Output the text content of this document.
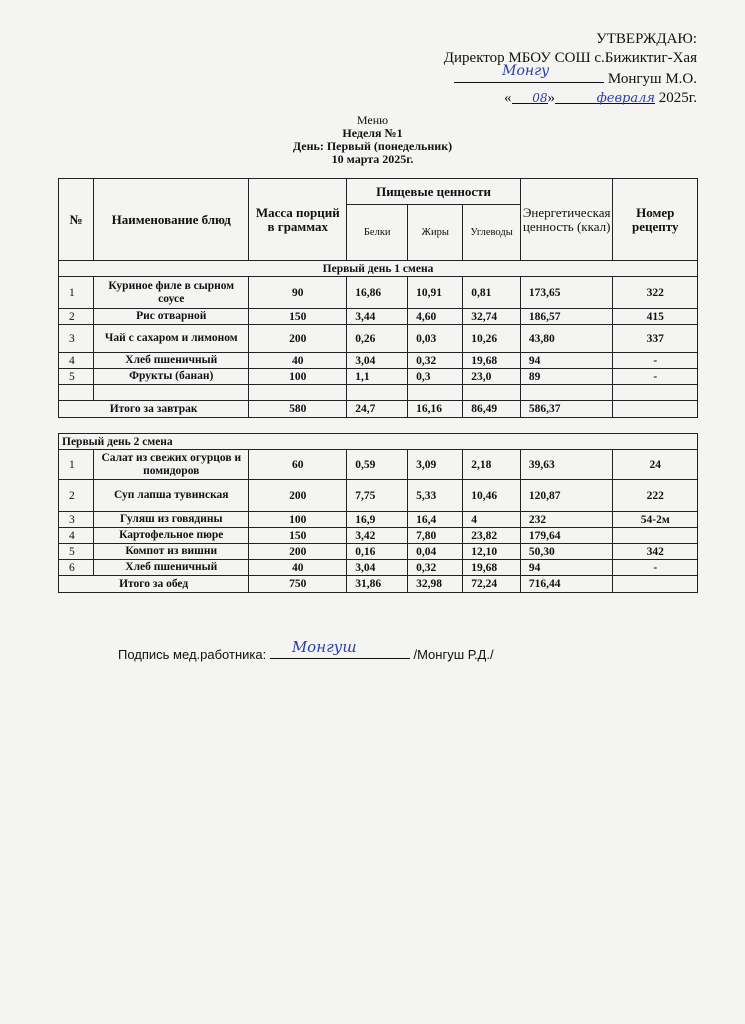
УТВЕРЖДАЮ:
Директор МБОУ СОШ с.Бижиктиг-Хая
Монгу	Монгуш М.О.
« 08»	февраля 2025г.
Меню
Неделя №1
День: Первый (понедельник)
10 марта 2025г.
№	Наименование блюд	Масса порций в граммах	Пищевые ценности			Энергетическая ценность (ккал)	Номер рецепту
			Белки	Жиры	Углеводы		
Первый день 1 смена							
1	Куриное филе в сырном соусе	90	16,86	10,91	0,81	173,65	322
2	Рис отварной	150	3,44	4,60	32,74	186,57	415
3	Чай с сахаром и лимоном	200	0,26	0,03	10,26	43,80	337
4	Хлеб пшеничный	40	3,04	0,32	19,68	94	-
5	Фрукты (банан)	100	1,1	0,3	23,0	89	-

Итого за завтрак		580	24,7	16,16	86,49	586,37	

Первый день 2 смена							
1	Салат из свежих огурцов и помидоров	60	0,59	3,09	2,18	39,63	24
2	Суп лапша тувинская	200	7,75	5,33	10,46	120,87	222
3	Гуляш из говядины	100	16,9	16,4	4	232	54-2м
4	Картофельное пюре	150	3,42	7,80	23,82	179,64	
5	Компот из вишни	200	0,16	0,04	12,10	50,30	342
6	Хлеб пшеничный	40	3,04	0,32	19,68	94	-
Итого за обед		750	31,86	32,98	72,24	716,44	
Подпись мед.работника: Монгуш	/Монгуш Р.Д./
